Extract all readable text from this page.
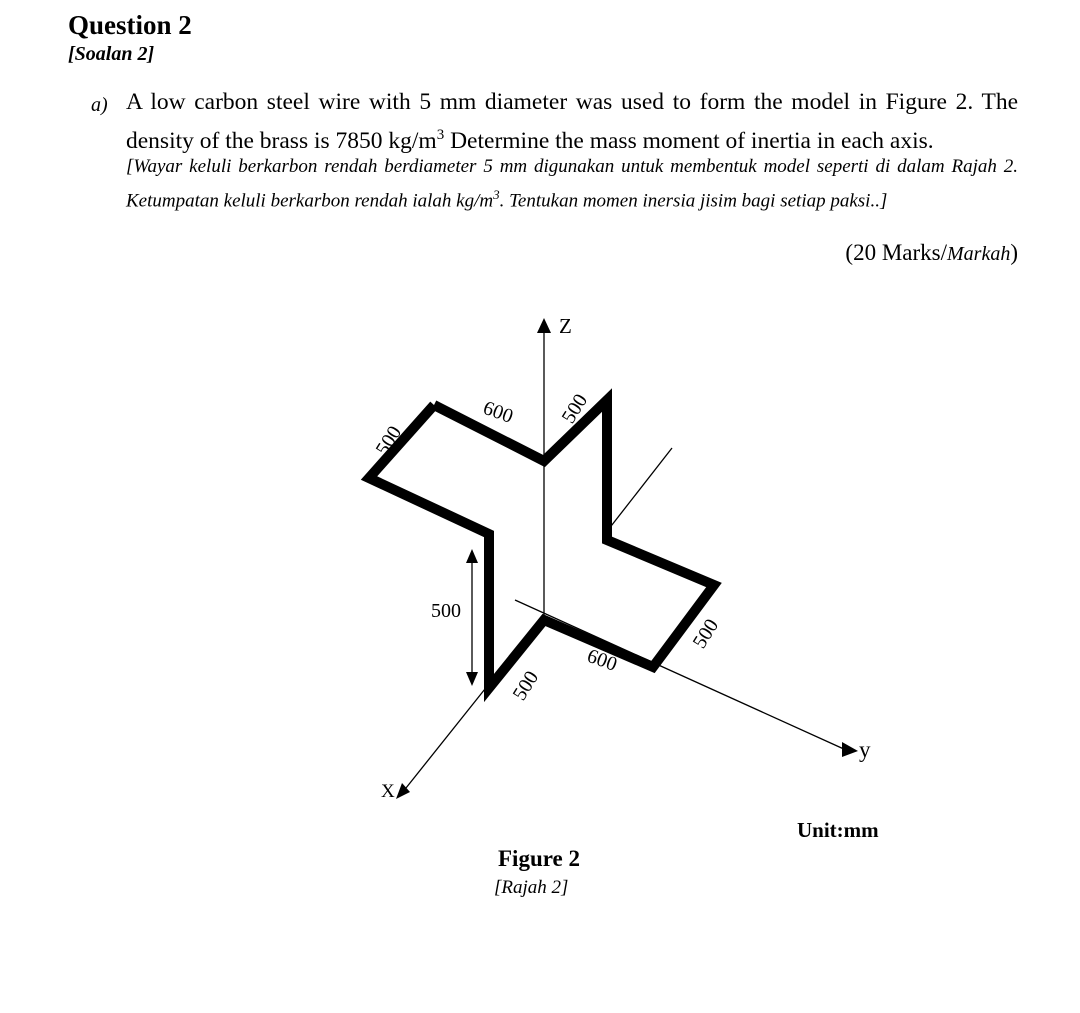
Question 2
[Soalan 2]
a) A low carbon steel wire with 5 mm diameter was used to form the model in Figure 2. The density of the brass is 7850 $kg/m^3$ Determine the mass moment of inertia in each axis.
[Wayar keluli berkarbon rendah berdiameter 5 mm digunakan untuk membentuk model seperti di dalam Rajah 2. Ketumpatan keluli berkarbon rendah ialah $kg/m^3$. Tentukan momen inersia jisim bagi setiap paksi..]
(20 Marks/Markah)
Z
y
X
500
600 500
500
500
600
500
Unit:mm
Figure 2
[Rajah 2]
